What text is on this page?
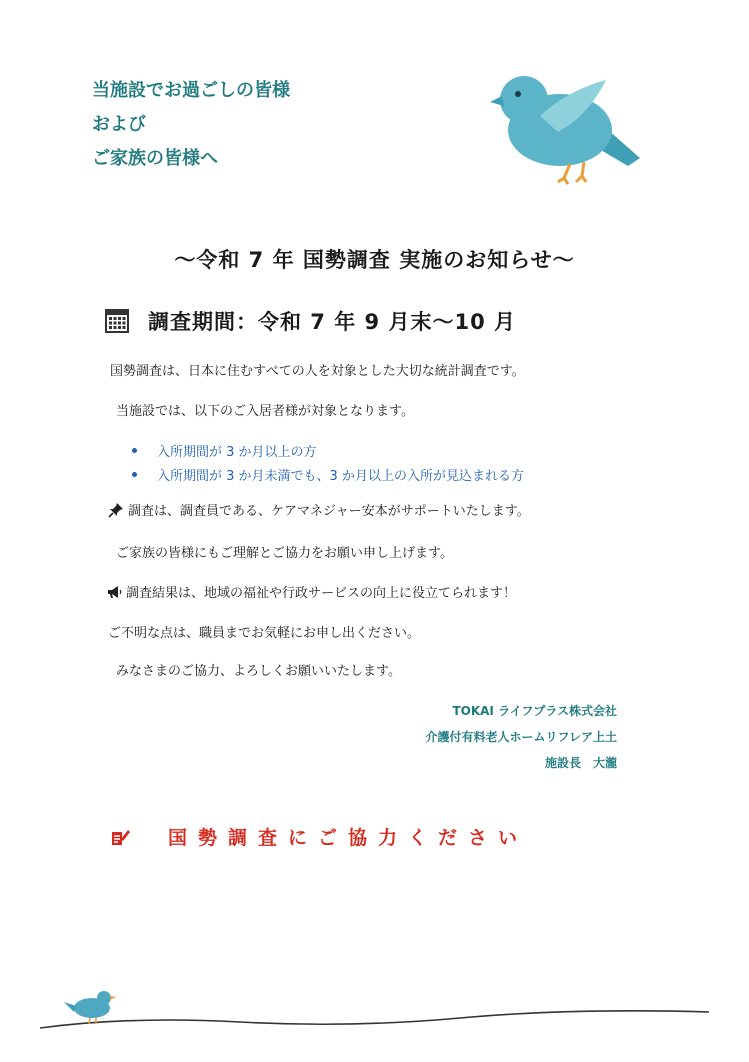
当施設でお過ごしの皆様
および
ご家族の皆様へ
～令和 7 年 国勢調査 実施のお知らせ～
調査期間：令和 7 年 9 月末～10 月
国勢調査は、日本に住むすべての人を対象とした大切な統計調査です。
当施設では、以下のご入居者様が対象となります。
入所期間が 3 か月以上の方
入所期間が 3 か月未満でも、3 か月以上の入所が見込まれる方
調査は、調査員である、ケアマネジャー安本がサポートいたします。
ご家族の皆様にもご理解とご協力をお願い申し上げます。
調査結果は、地域の福祉や行政サービスの向上に役立てられます！
ご不明な点は、職員までお気軽にお申し出ください。
みなさまのご協力、よろしくお願いいたします。
TOKAI ライフプラス株式会社
介護付有料老人ホームリフレア上土
施設長　大瀧
国勢調査にご協力ください
